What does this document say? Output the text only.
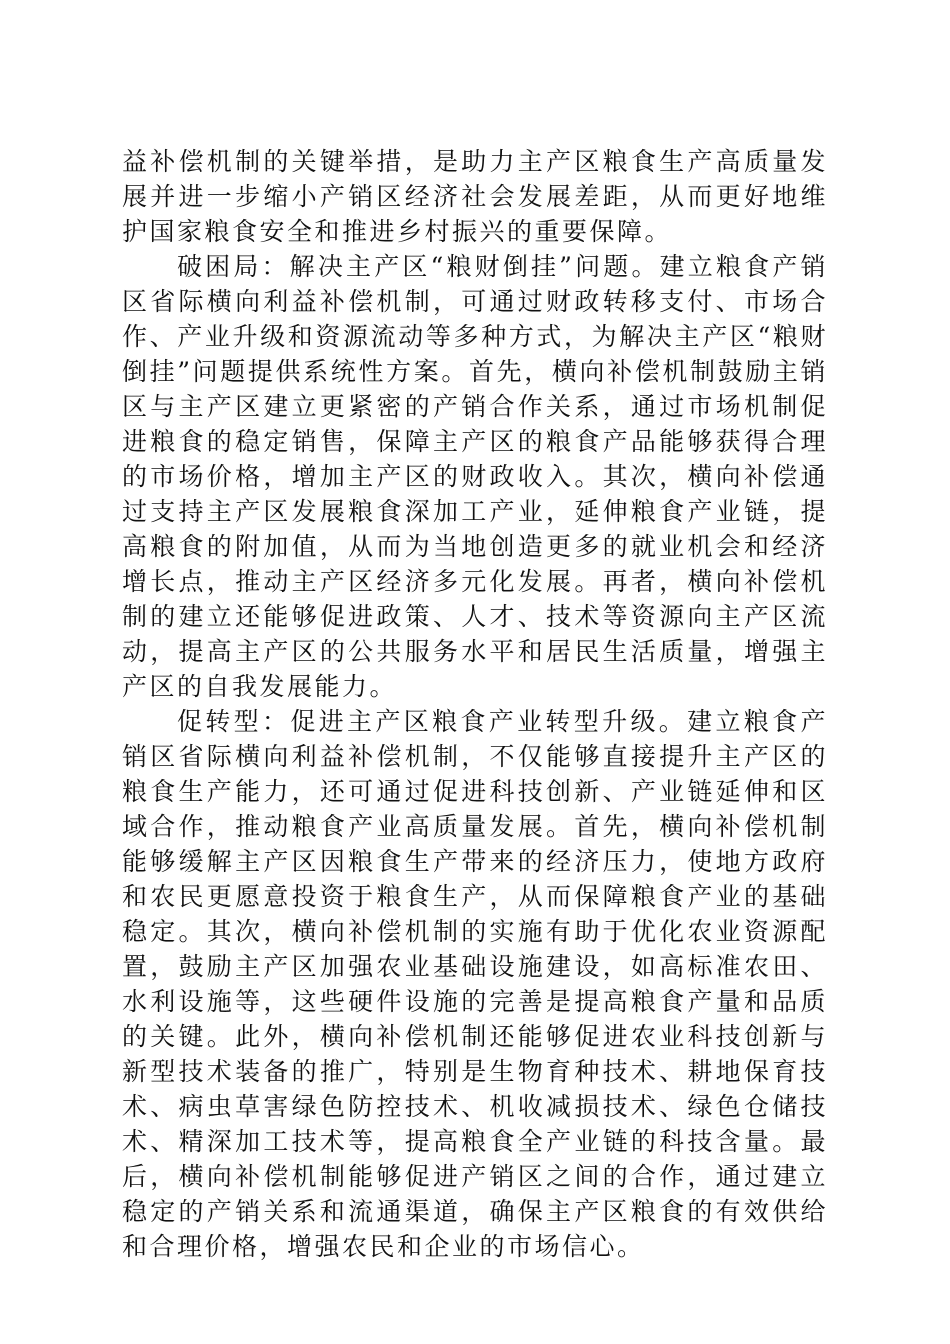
益补偿机制的关键举措，是助力主产区粮食生产高质量发展并进一步缩小产销区经济社会发展差距，从而更好地维护国家粮食安全和推进乡村振兴的重要保障。

破困局：解决主产区“粮财倒挂”问题。建立粮食产销区省际横向利益补偿机制，可通过财政转移支付、市场合作、产业升级和资源流动等多种方式，为解决主产区“粮财倒挂”问题提供系统性方案。首先，横向补偿机制鼓励主销区与主产区建立更紧密的产销合作关系，通过市场机制促进粮食的稳定销售，保障主产区的粮食产品能够获得合理的市场价格，增加主产区的财政收入。其次，横向补偿通过支持主产区发展粮食深加工产业，延伸粮食产业链，提高粮食的附加值，从而为当地创造更多的就业机会和经济增长点，推动主产区经济多元化发展。再者，横向补偿机制的建立还能够促进政策、人才、技术等资源向主产区流动，提高主产区的公共服务水平和居民生活质量，增强主产区的自我发展能力。

促转型：促进主产区粮食产业转型升级。建立粮食产销区省际横向利益补偿机制，不仅能够直接提升主产区的粮食生产能力，还可通过促进科技创新、产业链延伸和区域合作，推动粮食产业高质量发展。首先，横向补偿机制能够缓解主产区因粮食生产带来的经济压力，使地方政府和农民更愿意投资于粮食生产，从而保障粮食产业的基础稳定。其次，横向补偿机制的实施有助于优化农业资源配置，鼓励主产区加强农业基础设施建设，如高标准农田、水利设施等，这些硬件设施的完善是提高粮食产量和品质的关键。此外，横向补偿机制还能够促进农业科技创新与新型技术装备的推广，特别是生物育种技术、耕地保育技术、病虫草害绿色防控技术、机收减损技术、绿色仓储技术、精深加工技术等，提高粮食全产业链的科技含量。最后，横向补偿机制能够促进产销区之间的合作，通过建立稳定的产销关系和流通渠道，确保主产区粮食的有效供给和合理价格，增强农民和企业的市场信心。
